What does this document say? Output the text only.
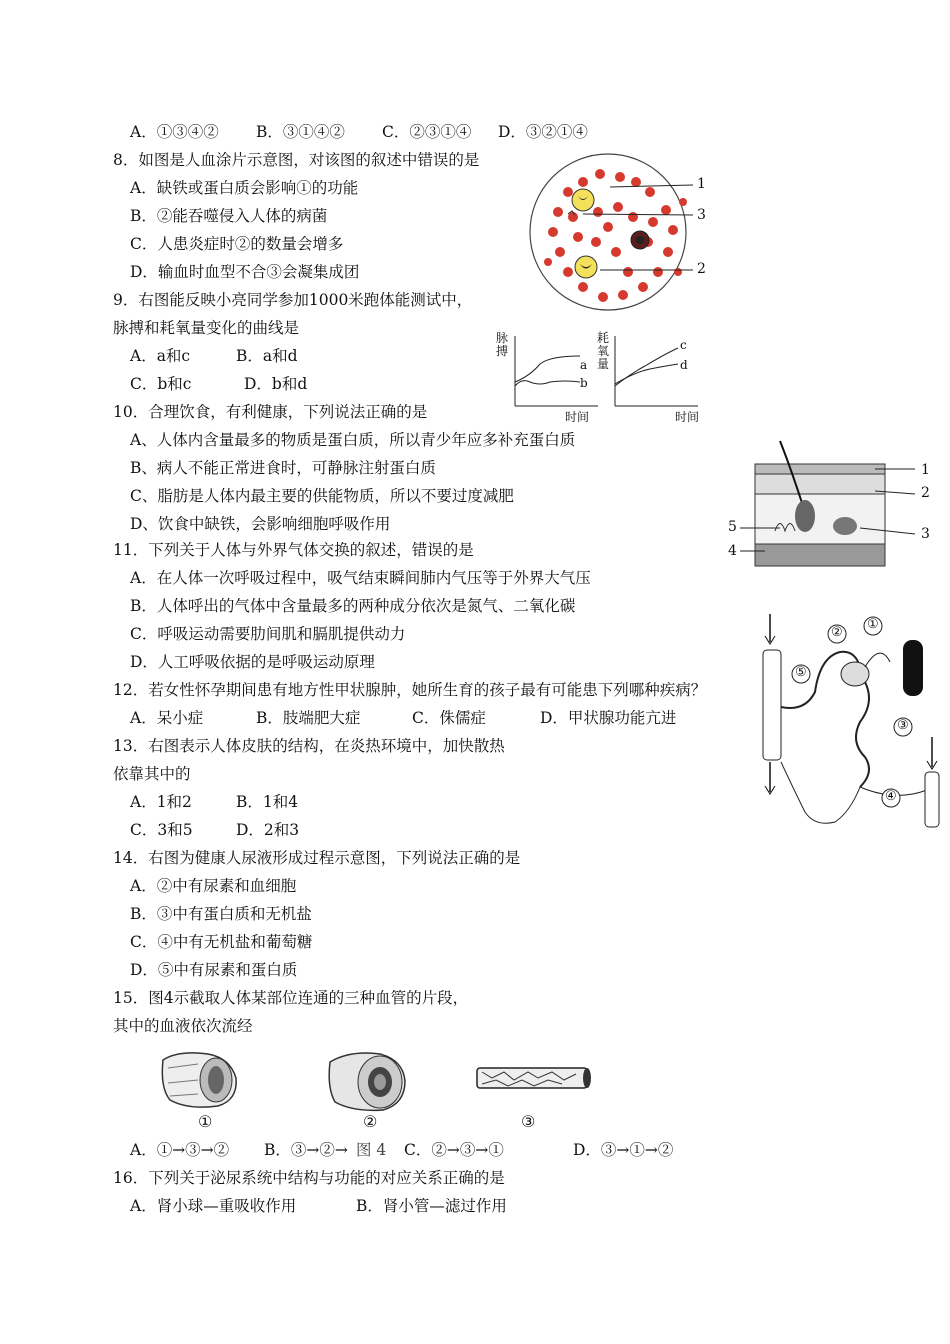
A．①③④② B．③①④② C．②③①④ D．③②①④
8．如图是人血涂片示意图，对该图的叙述中错误的是
A．缺铁或蛋白质会影响①的功能
B．②能吞噬侵入人体的病菌
C．人患炎症时②的数量会增多
D．输血时血型不合③会凝集成团
1
3
2
9．右图能反映小亮同学参加1000米跑体能测试中，
脉搏和耗氧量变化的曲线是
A．a和c	B．a和d
C．b和c	D．b和d
脉搏
时间
a
b
耗氧量
时间
c
d
10．合理饮食，有利健康，下列说法正确的是
A、人体内含量最多的物质是蛋白质，所以青少年应多补充蛋白质
B、病人不能正常进食时，可静脉注射蛋白质
C、脂肪是人体内最主要的供能物质，所以不要过度减肥
D、饮食中缺铁，会影响细胞呼吸作用
1
2
3
4
5
11．下列关于人体与外界气体交换的叙述，错误的是
A．在人体一次呼吸过程中，吸气结束瞬间肺内气压等于外界大气压
B．人体呼出的气体中含量最多的两种成分依次是氮气、二氧化碳
C．呼吸运动需要肋间肌和膈肌提供动力
D．人工呼吸依据的是呼吸运动原理
②
①
③
④
⑤
12．若女性怀孕期间患有地方性甲状腺肿，她所生育的孩子最有可能患下列哪种疾病？
A．呆小症	B．肢端肥大症	C．侏儒症	D．甲状腺功能亢进
13．右图表示人体皮肤的结构，在炎热环境中，加快散热
依靠其中的
A．1和2	B．1和4
C．3和5	D．2和3
14．右图为健康人尿液形成过程示意图，下列说法正确的是
A．②中有尿素和血细胞
B．③中有蛋白质和无机盐
C．④中有无机盐和葡萄糖
D．⑤中有尿素和蛋白质
15．图4示截取人体某部位连通的三种血管的片段，
其中的血液依次流经
①	②	③
A．①→③→② B．③→②→ 图 4 C．②→③→①	D．③→①→②
16．下列关于泌尿系统中结构与功能的对应关系正确的是
A．肾小球—重吸收作用	B．肾小管—滤过作用
